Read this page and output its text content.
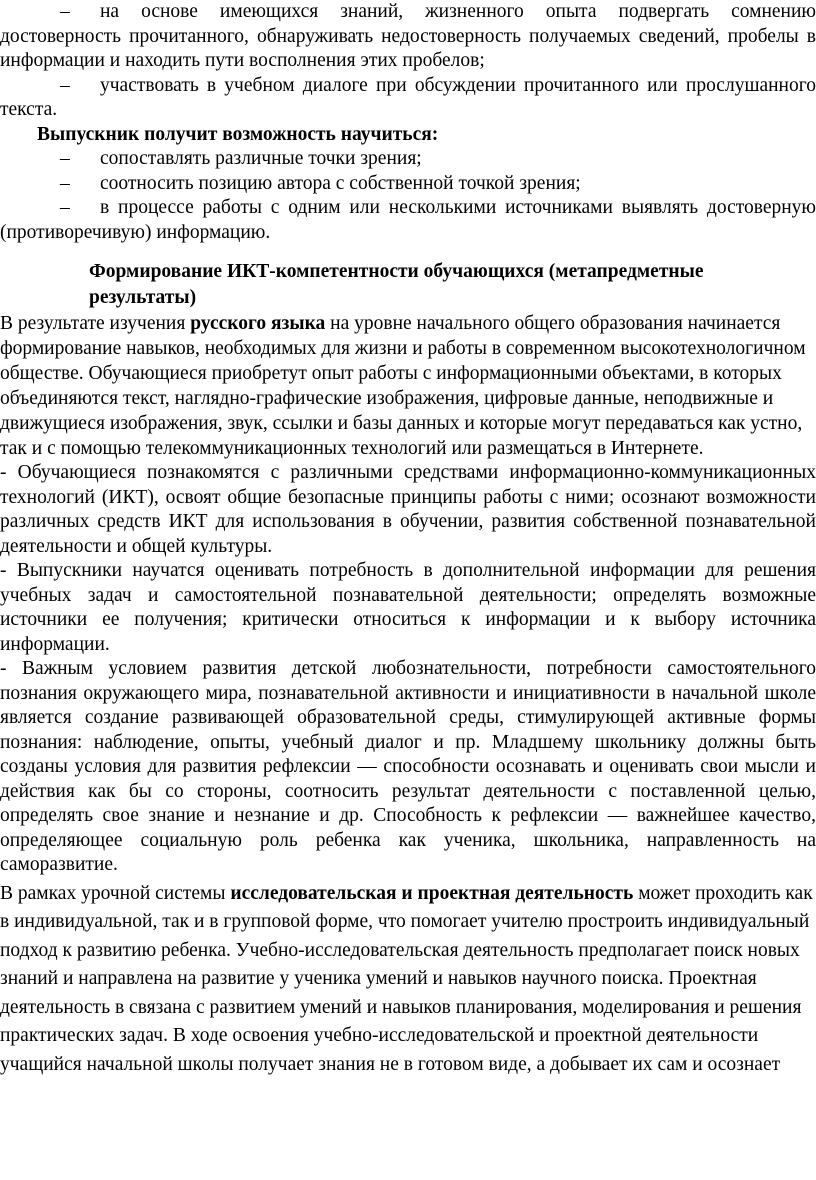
– на основе имеющихся знаний, жизненного опыта подвергать сомнению достоверность прочитанного, обнаруживать недостоверность получаемых сведений, пробелы в информации и находить пути восполнения этих пробелов;

– участвовать в учебном диалоге при обсуждении прочитанного или прослушанного текста.

Выпускник получит возможность научиться:

– сопоставлять различные точки зрения;

– соотносить позицию автора с собственной точкой зрения;

– в процессе работы с одним или несколькими источниками выявлять достоверную (противоречивую) информацию.

Формирование ИКТ-компетентности обучающихся (метапредметные результаты)

В результате изучения русского языка на уровне начального общего образования начинается формирование навыков, необходимых для жизни и работы в современном высокотехнологичном обществе. Обучающиеся приобретут опыт работы с информационными объектами, в которых объединяются текст, наглядно-графические изображения, цифровые данные, неподвижные и движущиеся изображения, звук, ссылки и базы данных и которые могут передаваться как устно, так и с помощью телекоммуникационных технологий или размещаться в Интернете.

- Обучающиеся познакомятся с различными средствами информационно-коммуникационных технологий (ИКТ), освоят общие безопасные принципы работы с ними; осознают возможности различных средств ИКТ для использования в обучении, развития собственной познавательной деятельности и общей культуры.

- Выпускники научатся оценивать потребность в дополнительной информации для решения учебных задач и самостоятельной познавательной деятельности; определять возможные источники ее получения; критически относиться к информации и к выбору источника информации.

- Важным условием развития детской любознательности, потребности самостоятельного познания окружающего мира, познавательной активности и инициативности в начальной школе является создание развивающей образовательной среды, стимулирующей активные формы познания: наблюдение, опыты, учебный диалог и пр. Младшему школьнику должны быть созданы условия для развития рефлексии — способности осознавать и оценивать свои мысли и действия как бы со стороны, соотносить результат деятельности с поставленной целью, определять свое знание и незнание и др. Способность к рефлексии — важнейшее качество, определяющее социальную роль ребенка как ученика, школьника, направленность на саморазвитие.

В рамках урочной системы исследовательская и проектная деятельность может проходить как в индивидуальной, так и в групповой форме, что помогает учителю простроить индивидуальный подход к развитию ребенка. Учебно-исследовательская деятельность предполагает поиск новых знаний и направлена на развитие у ученика умений и навыков научного поиска. Проектная деятельность в связана с развитием умений и навыков планирования, моделирования и решения практических задач. В ходе освоения учебно-исследовательской и проектной деятельности учащийся начальной школы получает знания не в готовом виде, а добывает их сам и осознает
